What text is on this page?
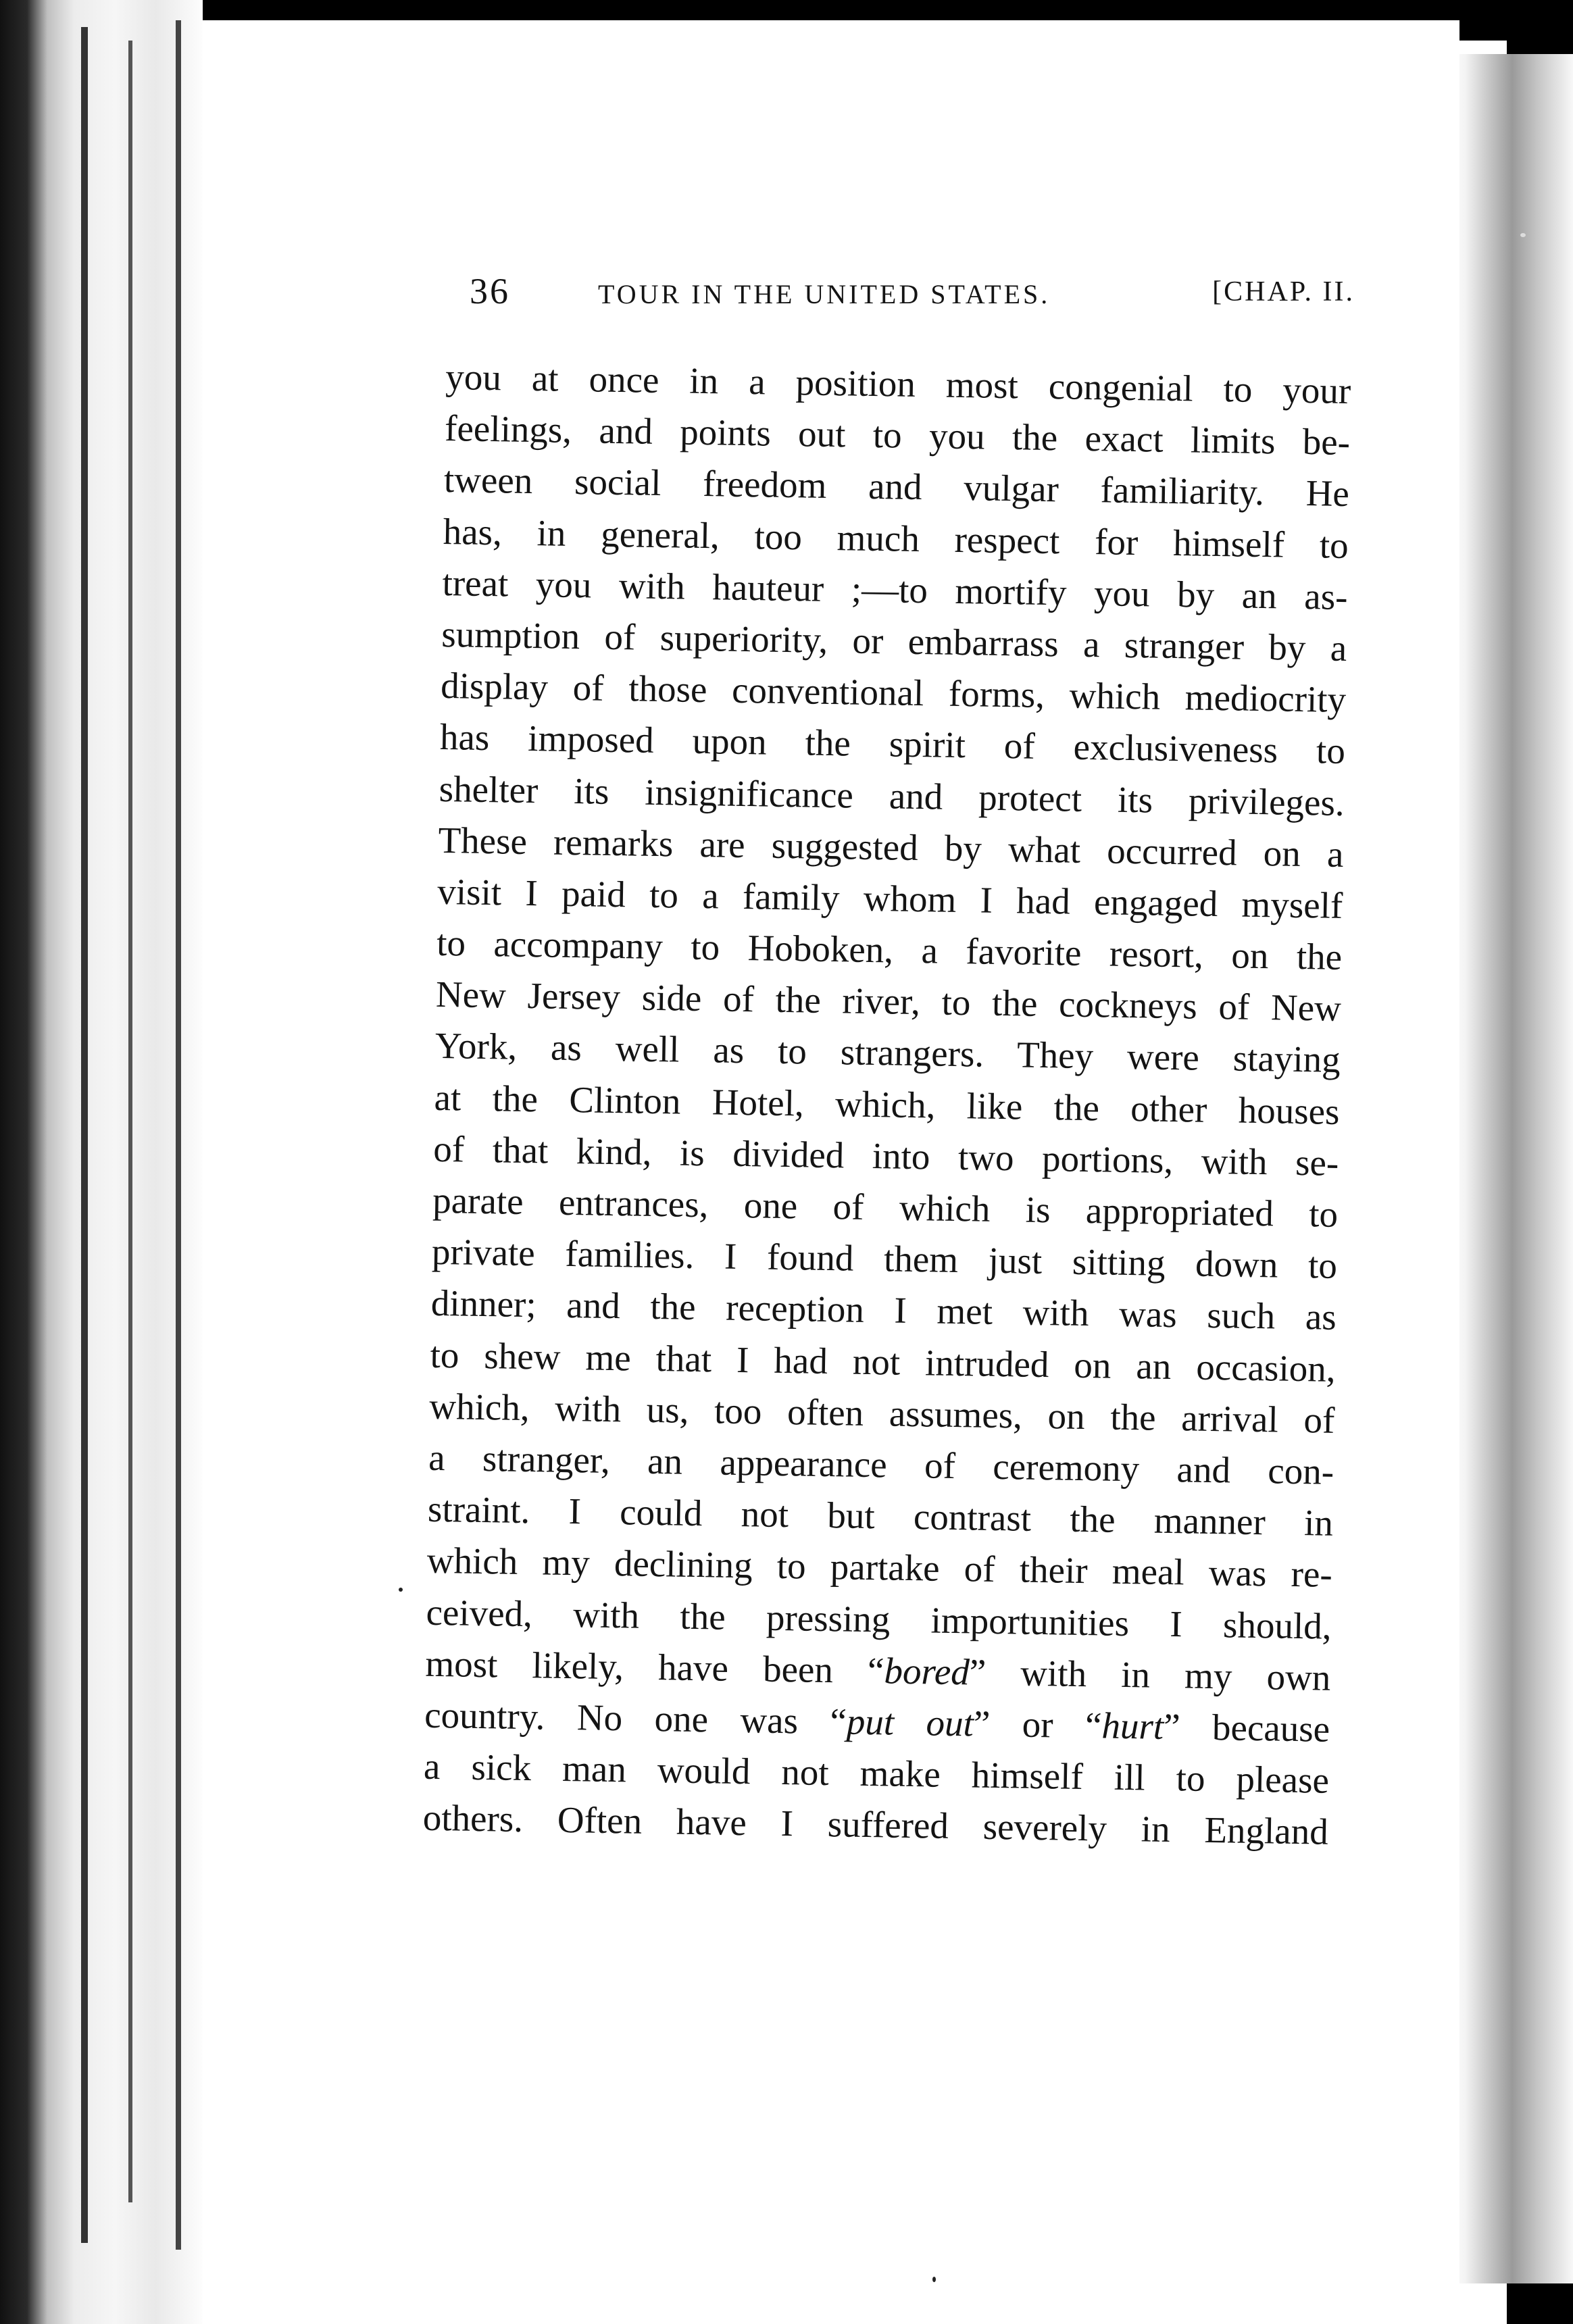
36	TOUR IN THE UNITED STATES.	[CHAP. II.
you at once in a position most congenial to your
feelings, and points out to you the exact limits be-
tween social freedom and vulgar familiarity. He
has, in general, too much respect for himself to
treat you with hauteur ;—to mortify you by an as-
sumption of superiority, or embarrass a stranger by a
display of those conventional forms, which mediocrity
has imposed upon the spirit of exclusiveness to
shelter its insignificance and protect its privileges.
These remarks are suggested by what occurred on a
visit I paid to a family whom I had engaged myself
to accompany to Hoboken, a favorite resort, on the
New Jersey side of the river, to the cockneys of New
York, as well as to strangers. They were staying
at the Clinton Hotel, which, like the other houses
of that kind, is divided into two portions, with se-
parate entrances, one of which is appropriated to
private families. I found them just sitting down to
dinner; and the reception I met with was such as
to shew me that I had not intruded on an occasion,
which, with us, too often assumes, on the arrival of
a stranger, an appearance of ceremony and con-
straint. I could not but contrast the manner in
which my declining to partake of their meal was re-
ceived, with the pressing importunities I should,
most likely, have been “bored” with in my own
country. No one was “put out” or “hurt” because
a sick man would not make himself ill to please
others. Often have I suffered severely in England
